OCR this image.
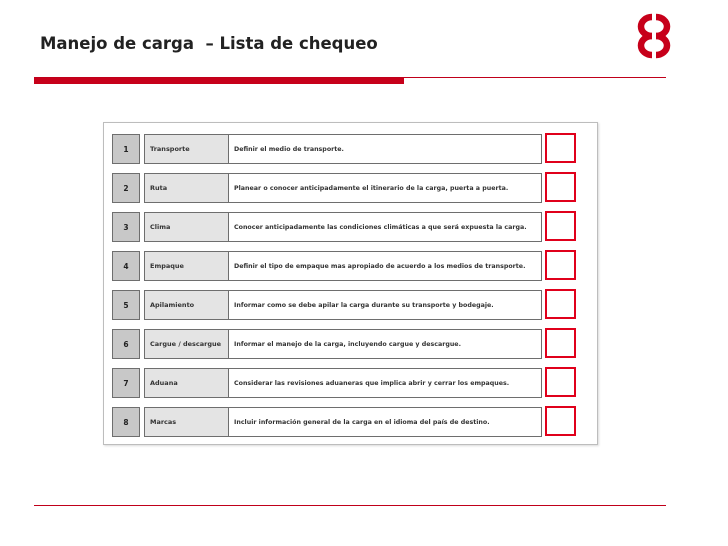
Manejo de carga  – Lista de chequeo
1	Transporte	Definir el medio de transporte.
2	Ruta	Planear o conocer anticipadamente el itinerario de la carga, puerta a puerta.
3	Clima	Conocer anticipadamente las condiciones climáticas a que será expuesta la carga.
4	Empaque	Definir el tipo de empaque mas apropiado de acuerdo a los medios de transporte.
5	Apilamiento	Informar como se debe apilar la carga durante su transporte y bodegaje.
6	Cargue / descargue	Informar el manejo de la carga, incluyendo cargue y descargue.
7	Aduana	Considerar las revisiones aduaneras que implica abrir y cerrar los empaques.
8	Marcas	Incluir información general de la carga en el idioma del país de destino.
